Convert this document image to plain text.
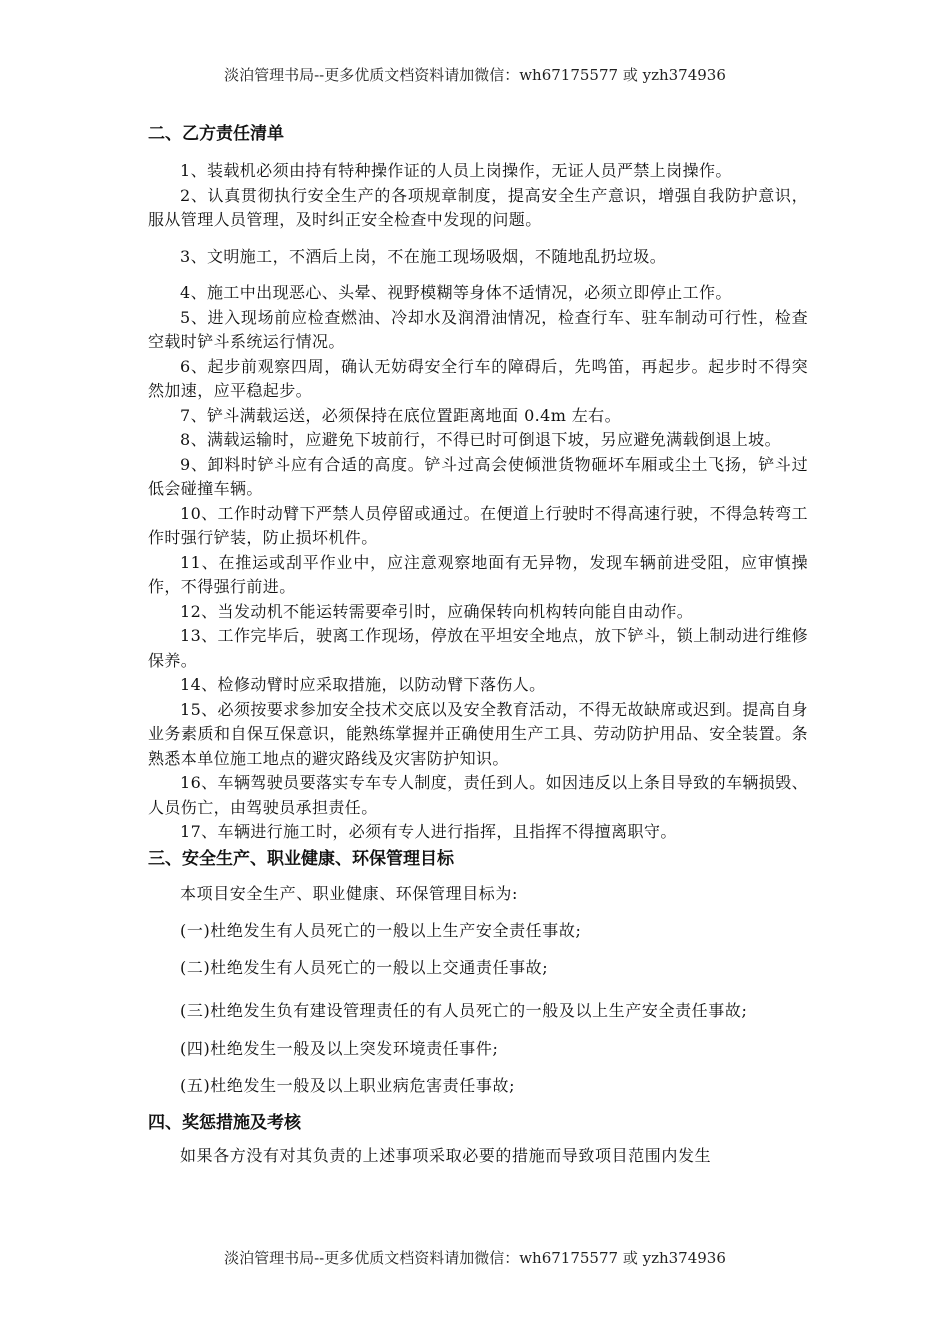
淡泊管理书局--更多优质文档资料请加微信：wh67175577 或 yzh374936

二、乙方责任清单

1、装载机必须由持有特种操作证的人员上岗操作，无证人员严禁上岗操作。

2、认真贯彻执行安全生产的各项规章制度，提高安全生产意识，增强自我防护意识，服从管理人员管理，及时纠正安全检查中发现的问题。

3、文明施工，不酒后上岗，不在施工现场吸烟，不随地乱扔垃圾。

4、施工中出现恶心、头晕、视野模糊等身体不适情况，必须立即停止工作。

5、进入现场前应检查燃油、冷却水及润滑油情况，检查行车、驻车制动可行性，检查空载时铲斗系统运行情况。

6、起步前观察四周，确认无妨碍安全行车的障碍后，先鸣笛，再起步。起步时不得突然加速，应平稳起步。

7、铲斗满载运送，必须保持在底位置距离地面 0.4m 左右。

8、满载运输时，应避免下坡前行，不得已时可倒退下坡，另应避免满载倒退上坡。

9、卸料时铲斗应有合适的高度。铲斗过高会使倾泄货物砸坏车厢或尘土飞扬，铲斗过低会碰撞车辆。

10、工作时动臂下严禁人员停留或通过。在便道上行驶时不得高速行驶，不得急转弯工作时强行铲装，防止损坏机件。

11、在推运或刮平作业中，应注意观察地面有无异物，发现车辆前进受阻，应审慎操作，不得强行前进。

12、当发动机不能运转需要牵引时，应确保转向机构转向能自由动作。

13、工作完毕后，驶离工作现场，停放在平坦安全地点，放下铲斗，锁上制动进行维修保养。

14、检修动臂时应采取措施，以防动臂下落伤人。

15、必须按要求参加安全技术交底以及安全教育活动，不得无故缺席或迟到。提高自身业务素质和自保互保意识，能熟练掌握并正确使用生产工具、劳动防护用品、安全装置。条熟悉本单位施工地点的避灾路线及灾害防护知识。

16、车辆驾驶员要落实专车专人制度，责任到人。如因违反以上条目导致的车辆损毁、人员伤亡，由驾驶员承担责任。

17、车辆进行施工时，必须有专人进行指挥，且指挥不得擅离职守。

三、安全生产、职业健康、环保管理目标

本项目安全生产、职业健康、环保管理目标为:

(一)杜绝发生有人员死亡的一般以上生产安全责任事故;

(二)杜绝发生有人员死亡的一般以上交通责任事故;

(三)杜绝发生负有建设管理责任的有人员死亡的一般及以上生产安全责任事故;

(四)杜绝发生一般及以上突发环境责任事件;

(五)杜绝发生一般及以上职业病危害责任事故;

四、奖惩措施及考核

如果各方没有对其负责的上述事项采取必要的措施而导致项目范围内发生

淡泊管理书局--更多优质文档资料请加微信：wh67175577 或 yzh374936
